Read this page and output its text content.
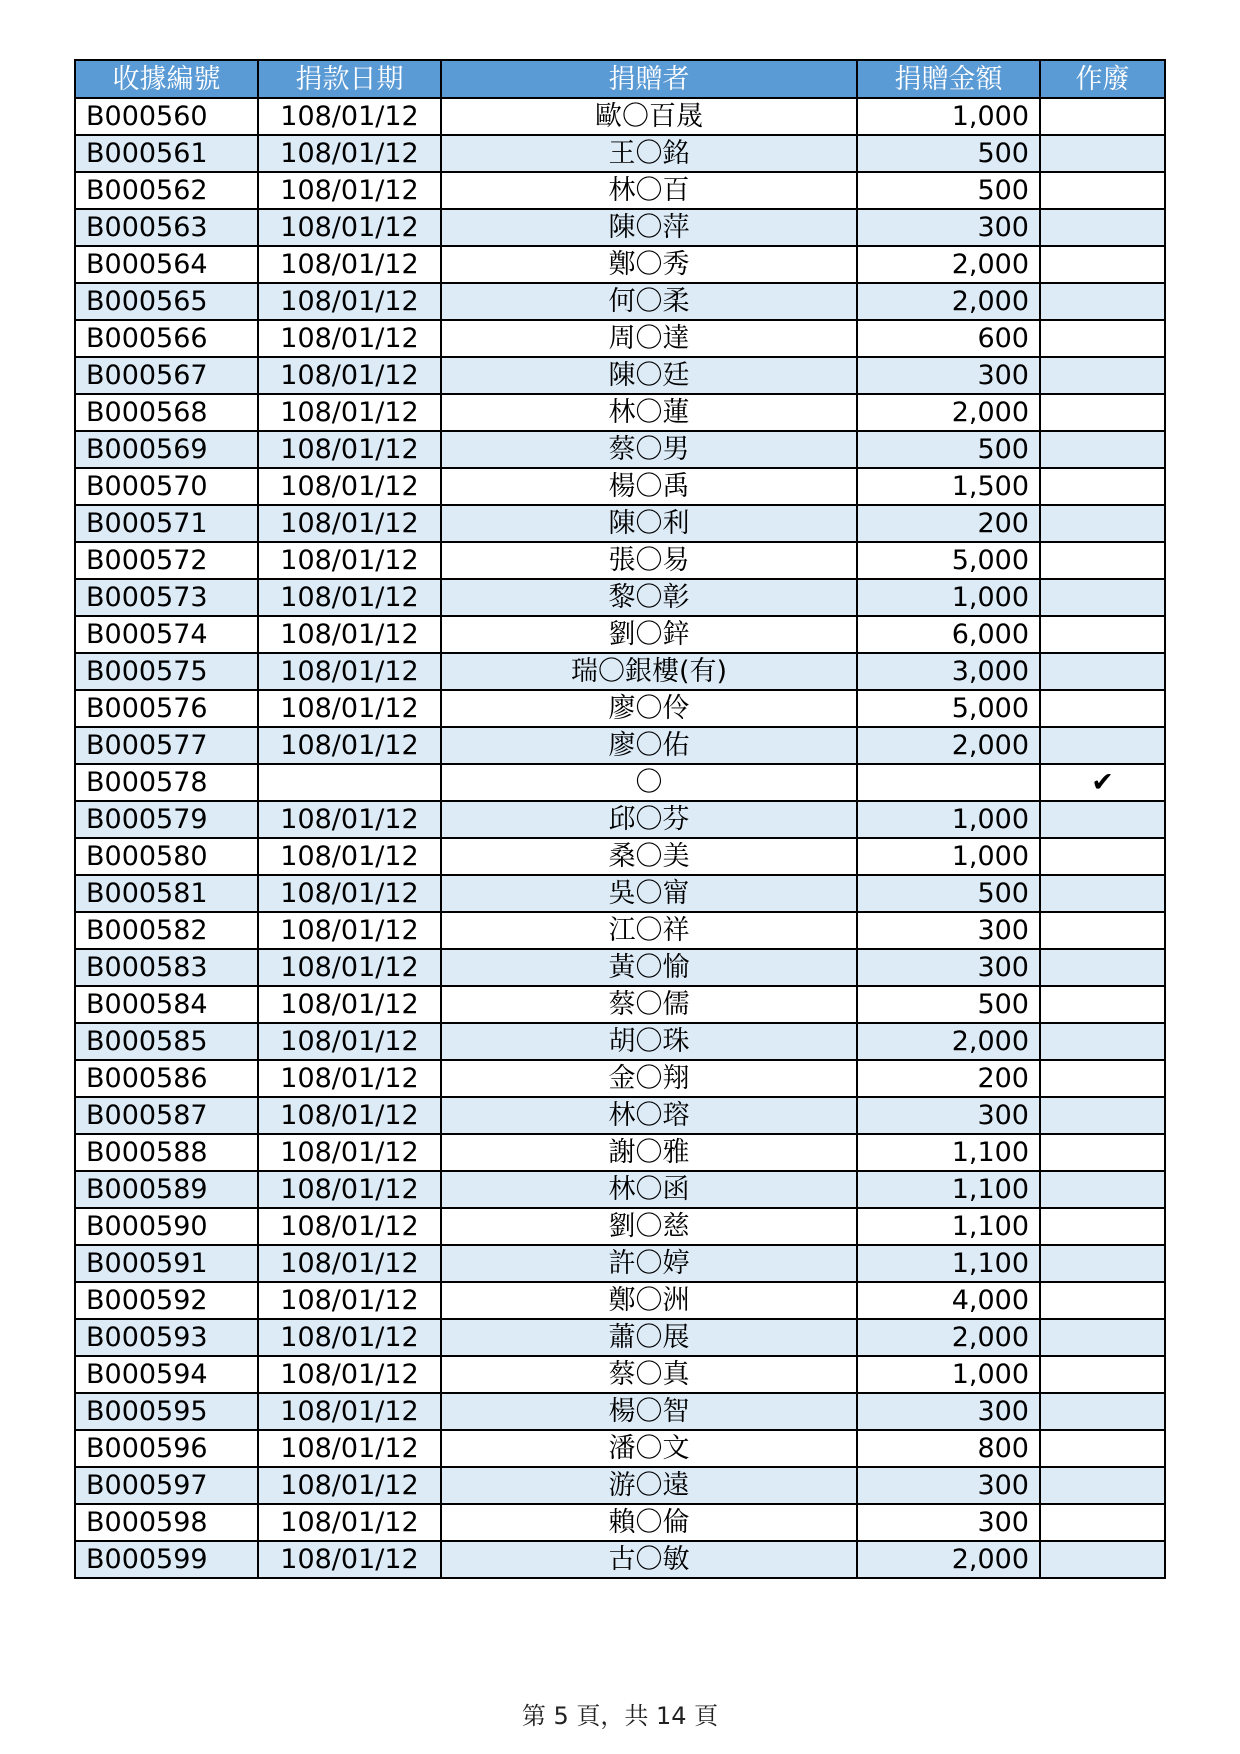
收據編號	捐款日期	捐贈者	捐贈金額	作廢
B000560	108/01/12	歐〇百晟	1,000	
B000561	108/01/12	王〇銘	500	
B000562	108/01/12	林〇百	500	
B000563	108/01/12	陳〇萍	300	
B000564	108/01/12	鄭〇秀	2,000	
B000565	108/01/12	何〇柔	2,000	
B000566	108/01/12	周〇達	600	
B000567	108/01/12	陳〇廷	300	
B000568	108/01/12	林〇蓮	2,000	
B000569	108/01/12	蔡〇男	500	
B000570	108/01/12	楊〇禹	1,500	
B000571	108/01/12	陳〇利	200	
B000572	108/01/12	張〇易	5,000	
B000573	108/01/12	黎〇彰	1,000	
B000574	108/01/12	劉〇鋅	6,000	
B000575	108/01/12	瑞〇銀樓(有)	3,000	
B000576	108/01/12	廖〇伶	5,000	
B000577	108/01/12	廖〇佑	2,000	
B000578		〇		✔
B000579	108/01/12	邱〇芬	1,000	
B000580	108/01/12	桑〇美	1,000	
B000581	108/01/12	吳〇甯	500	
B000582	108/01/12	江〇祥	300	
B000583	108/01/12	黃〇愉	300	
B000584	108/01/12	蔡〇儒	500	
B000585	108/01/12	胡〇珠	2,000	
B000586	108/01/12	金〇翔	200	
B000587	108/01/12	林〇瑢	300	
B000588	108/01/12	謝〇雅	1,100	
B000589	108/01/12	林〇函	1,100	
B000590	108/01/12	劉〇慈	1,100	
B000591	108/01/12	許〇婷	1,100	
B000592	108/01/12	鄭〇洲	4,000	
B000593	108/01/12	蕭〇展	2,000	
B000594	108/01/12	蔡〇真	1,000	
B000595	108/01/12	楊〇智	300	
B000596	108/01/12	潘〇文	800	
B000597	108/01/12	游〇遠	300	
B000598	108/01/12	賴〇倫	300	
B000599	108/01/12	古〇敏	2,000	
第 5 頁，共 14 頁
